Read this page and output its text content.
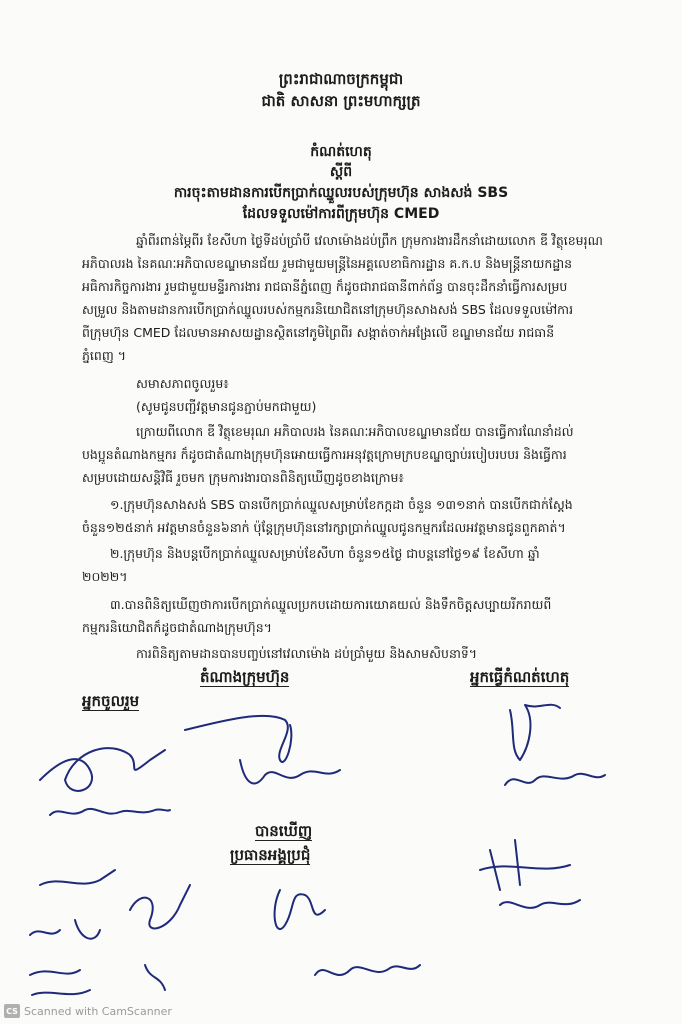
ព្រះរាជាណាចក្រកម្ពុជា
ជាតិ សាសនា ព្រះមហាក្សត្រ
កំណត់ហេតុ
ស្តីពី
ការចុះតាមដានការបើកប្រាក់ឈ្នួលរបស់ក្រុមហ៊ុន សាងសង់ SBS
ដែលទទួលម៉ៅការពីក្រុមហ៊ុន CMED
ឆ្នាំពីរពាន់ម្ភៃពីរ ខែសីហា ថ្ងៃទីដប់ប្រាំបី វេលាម៉ោងដប់ព្រឹក ក្រុមការងារដឹកនាំដោយលោក ឌី វិត្ថុខេមរុណ
អភិបាលរង នៃគណៈអភិបាលខណ្ឌមានជ័យ រួមជាមួយមន្ត្រីនៃអគ្គលេខាធិការដ្ឋាន គ.ក.ប និងមន្ត្រីនាយកដ្ឋាន
អធិការកិច្ចការងារ រួមជាមួយមន្ទីរការងារ រាជធានីភ្នំពេញ ក៏ដូចជារាជធានីពាក់ព័ន្ធ បានចុះដឹកនាំធ្វើការសម្រប
សម្រួល និងតាមដានការបើកប្រាក់ឈ្នួលរបស់កម្មករនិយោជិតនៅក្រុមហ៊ុនសាងសង់ SBS ដែលទទួលម៉ៅការ
ពីក្រុមហ៊ុន CMED ដែលមានអាសយដ្ឋានស្ថិតនៅភូមិព្រៃពីរ សង្កាត់ចាក់អង្រែលើ ខណ្ឌមានជ័យ រាជធានី
ភ្នំពេញ ។
សមាសភាពចូលរួម៖
(សូមជូនបញ្ជីវត្តមានជូនភ្ជាប់មកជាមួយ)
ក្រោយពីលោក ឌី វិត្ថុខេមរុណ អភិបាលរង នៃគណៈអភិបាលខណ្ឌមានជ័យ បានធ្វើការណែនាំដល់
បងប្អូនតំណាងកម្មករ ក៏ដូចជាតំណាងក្រុមហ៊ុនអោយធ្វើការអនុវត្តក្រោមក្របខណ្ឌច្បាប់របៀបរបបរ និងធ្វើការ
សម្របដោយសន្តិវិធី រួចមក ក្រុមការងារបានពិនិត្យឃើញដូចខាងក្រោម៖
១.ក្រុមហ៊ុនសាងសង់ SBS បានបើកប្រាក់ឈ្នួលសម្រាប់ខែកក្កដា ចំនួន ១៣១នាក់ បានបើកជាក់ស្តែង
ចំនួន១២៥នាក់ អវត្តមានចំនួន៦នាក់ ប៉ុន្តែក្រុមហ៊ុននៅរក្សាប្រាក់ឈ្នួលជូនកម្មករដែលអវត្តមានជូនពួកគាត់។
២.ក្រុមហ៊ុន និងបន្តបើកប្រាក់ឈ្នួលសម្រាប់ខែសីហា ចំនួន១៥ថ្ងៃ ជាបន្តនៅថ្ងៃ១៩ ខែសីហា ឆ្នាំ
២០២២។
៣.បានពិនិត្យឃើញថាការបើកប្រាក់ឈ្នួលប្រកបដោយការយោគយល់ និងទឹកចិត្តសប្បាយរីករាយពី
កម្មករនិយោជិតក៏ដូចជាតំណាងក្រុមហ៊ុន។
ការពិនិត្យតាមដានបានបញ្ចប់នៅវេលាម៉ោង ដប់ប្រាំមួយ និងសាមសិបនាទី។
តំណាងក្រុមហ៊ុន	អ្នកធ្វើកំណត់ហេតុ
អ្នកចូលរួម
បានឃើញ
ប្រធានអង្គប្រជុំ
CS Scanned with CamScanner
